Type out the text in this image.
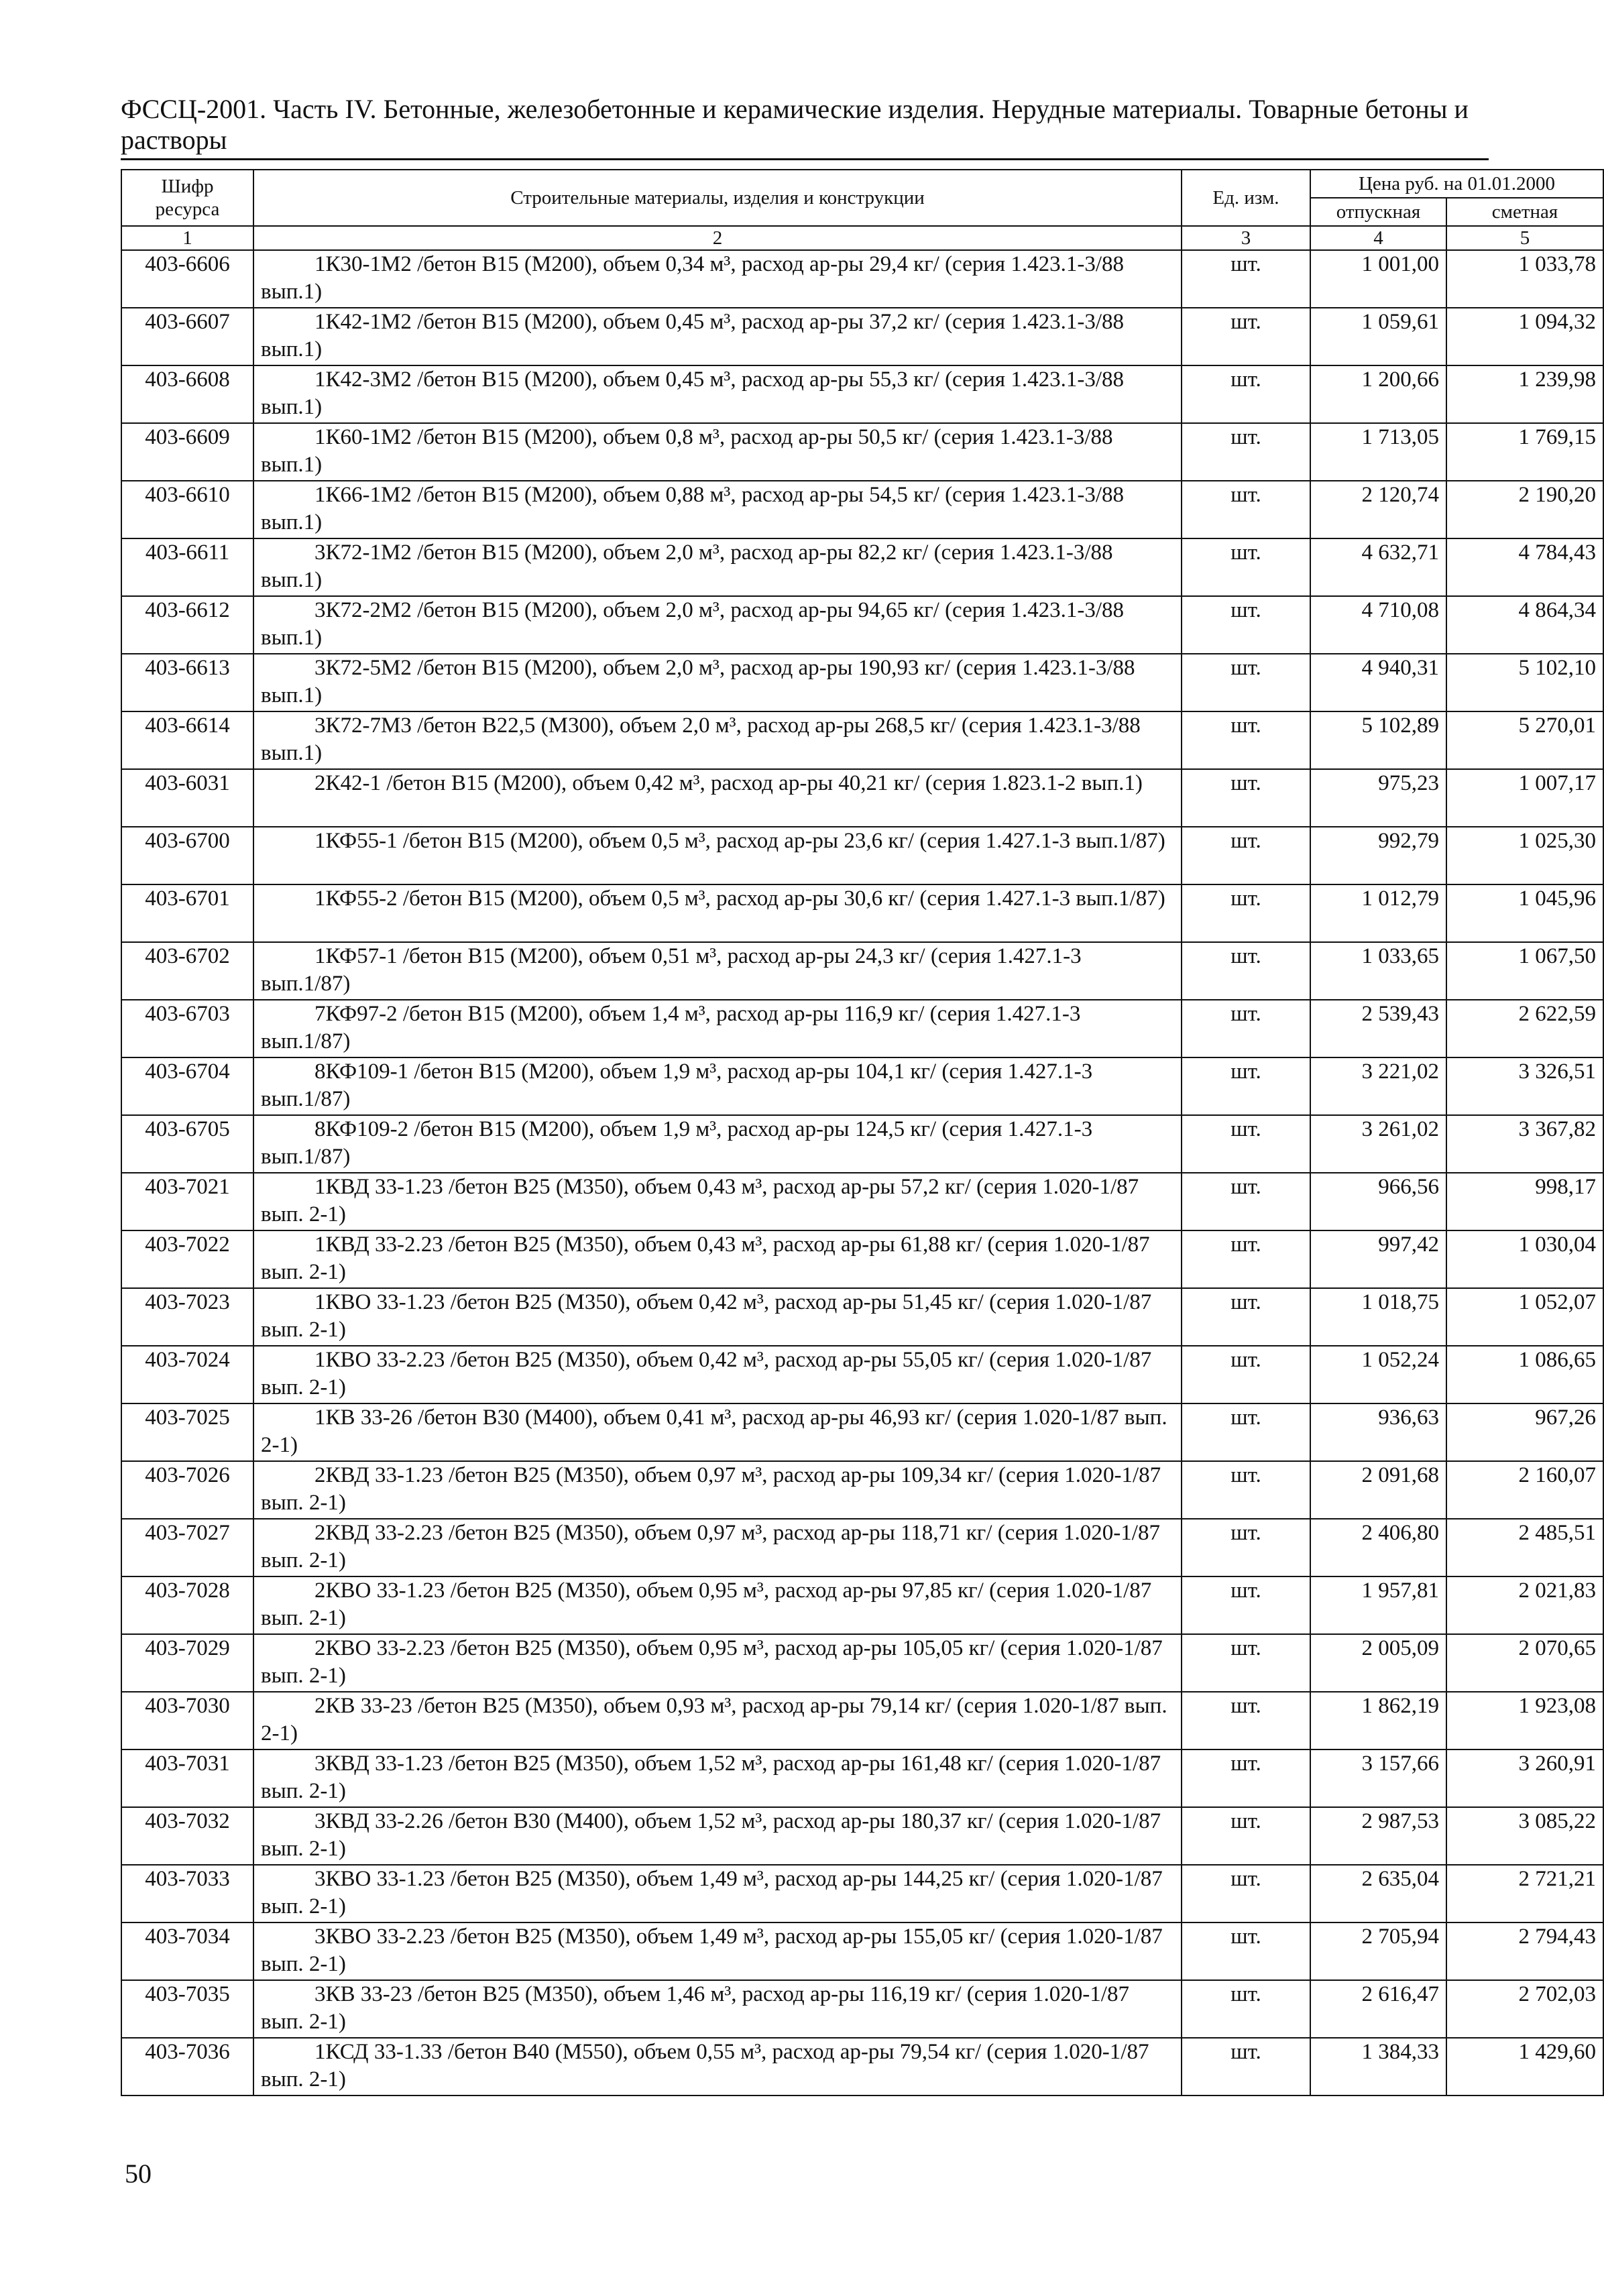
ФССЦ-2001. Часть IV. Бетонные, железобетонные и керамические изделия. Нерудные материалы. Товарные бетоны и растворы
Шифр ресурса	Строительные материалы, изделия и конструкции	Ед. изм.	Цена руб. на 01.01.2000	
			отпускная	сметная
1	2	3	4	5
403-6606	1К30-1М2 /бетон В15 (М200), объем 0,34 м³, расход ар-ры 29,4 кг/ (серия 1.423.1-3/88 вып.1)	шт.	1 001,00	1 033,78
403-6607	1К42-1М2 /бетон В15 (М200), объем 0,45 м³, расход ар-ры 37,2 кг/ (серия 1.423.1-3/88 вып.1)	шт.	1 059,61	1 094,32
403-6608	1К42-3М2 /бетон В15 (М200), объем 0,45 м³, расход ар-ры 55,3 кг/ (серия 1.423.1-3/88 вып.1)	шт.	1 200,66	1 239,98
403-6609	1К60-1М2 /бетон В15 (М200), объем 0,8 м³, расход ар-ры 50,5 кг/ (серия 1.423.1-3/88 вып.1)	шт.	1 713,05	1 769,15
403-6610	1К66-1М2 /бетон В15 (М200), объем 0,88 м³, расход ар-ры 54,5 кг/ (серия 1.423.1-3/88 вып.1)	шт.	2 120,74	2 190,20
403-6611	3К72-1М2 /бетон В15 (М200), объем 2,0 м³, расход ар-ры 82,2 кг/ (серия 1.423.1-3/88 вып.1)	шт.	4 632,71	4 784,43
403-6612	3К72-2М2 /бетон В15 (М200), объем 2,0 м³, расход ар-ры 94,65 кг/ (серия 1.423.1-3/88 вып.1)	шт.	4 710,08	4 864,34
403-6613	3К72-5М2 /бетон В15 (М200), объем 2,0 м³, расход ар-ры 190,93 кг/ (серия 1.423.1-3/88 вып.1)	шт.	4 940,31	5 102,10
403-6614	3К72-7М3 /бетон В22,5 (М300), объем 2,0 м³, расход ар-ры 268,5 кг/ (серия 1.423.1-3/88 вып.1)	шт.	5 102,89	5 270,01
403-6031	2К42-1 /бетон В15 (М200), объем 0,42 м³, расход ар-ры 40,21 кг/ (серия 1.823.1-2 вып.1)	шт.	975,23	1 007,17
403-6700	1КФ55-1 /бетон В15 (М200), объем 0,5 м³, расход ар-ры 23,6 кг/ (серия 1.427.1-3 вып.1/87)	шт.	992,79	1 025,30
403-6701	1КФ55-2 /бетон В15 (М200), объем 0,5 м³, расход ар-ры 30,6 кг/ (серия 1.427.1-3 вып.1/87)	шт.	1 012,79	1 045,96
403-6702	1КФ57-1 /бетон В15 (М200), объем 0,51 м³, расход ар-ры 24,3 кг/ (серия 1.427.1-3 вып.1/87)	шт.	1 033,65	1 067,50
403-6703	7КФ97-2 /бетон В15 (М200), объем 1,4 м³, расход ар-ры 116,9 кг/ (серия 1.427.1-3 вып.1/87)	шт.	2 539,43	2 622,59
403-6704	8КФ109-1 /бетон В15 (М200), объем 1,9 м³, расход ар-ры 104,1 кг/ (серия 1.427.1-3 вып.1/87)	шт.	3 221,02	3 326,51
403-6705	8КФ109-2 /бетон В15 (М200), объем 1,9 м³, расход ар-ры 124,5 кг/ (серия 1.427.1-3 вып.1/87)	шт.	3 261,02	3 367,82
403-7021	1КВД 33-1.23 /бетон В25 (М350), объем 0,43 м³, расход ар-ры 57,2 кг/ (серия 1.020-1/87 вып. 2-1)	шт.	966,56	998,17
403-7022	1КВД 33-2.23 /бетон В25 (М350), объем 0,43 м³, расход ар-ры 61,88 кг/ (серия 1.020-1/87 вып. 2-1)	шт.	997,42	1 030,04
403-7023	1КВО 33-1.23 /бетон В25 (М350), объем 0,42 м³, расход ар-ры 51,45 кг/ (серия 1.020-1/87 вып. 2-1)	шт.	1 018,75	1 052,07
403-7024	1КВО 33-2.23 /бетон В25 (М350), объем 0,42 м³, расход ар-ры 55,05 кг/ (серия 1.020-1/87 вып. 2-1)	шт.	1 052,24	1 086,65
403-7025	1КВ 33-26 /бетон В30 (М400), объем 0,41 м³, расход ар-ры 46,93 кг/ (серия 1.020-1/87 вып. 2-1)	шт.	936,63	967,26
403-7026	2КВД 33-1.23 /бетон В25 (М350), объем 0,97 м³, расход ар-ры 109,34 кг/ (серия 1.020-1/87 вып. 2-1)	шт.	2 091,68	2 160,07
403-7027	2КВД 33-2.23 /бетон В25 (М350), объем 0,97 м³, расход ар-ры 118,71 кг/ (серия 1.020-1/87 вып. 2-1)	шт.	2 406,80	2 485,51
403-7028	2КВО 33-1.23 /бетон В25 (М350), объем 0,95 м³, расход ар-ры 97,85 кг/ (серия 1.020-1/87 вып. 2-1)	шт.	1 957,81	2 021,83
403-7029	2КВО 33-2.23 /бетон В25 (М350), объем 0,95 м³, расход ар-ры 105,05 кг/ (серия 1.020-1/87 вып. 2-1)	шт.	2 005,09	2 070,65
403-7030	2КВ 33-23 /бетон В25 (М350), объем 0,93 м³, расход ар-ры 79,14 кг/ (серия 1.020-1/87 вып. 2-1)	шт.	1 862,19	1 923,08
403-7031	3КВД 33-1.23 /бетон В25 (М350), объем 1,52 м³, расход ар-ры 161,48 кг/ (серия 1.020-1/87 вып. 2-1)	шт.	3 157,66	3 260,91
403-7032	3КВД 33-2.26 /бетон В30 (М400), объем 1,52 м³, расход ар-ры 180,37 кг/ (серия 1.020-1/87 вып. 2-1)	шт.	2 987,53	3 085,22
403-7033	3КВО 33-1.23 /бетон В25 (М350), объем 1,49 м³, расход ар-ры 144,25 кг/ (серия 1.020-1/87 вып. 2-1)	шт.	2 635,04	2 721,21
403-7034	3КВО 33-2.23 /бетон В25 (М350), объем 1,49 м³, расход ар-ры 155,05 кг/ (серия 1.020-1/87 вып. 2-1)	шт.	2 705,94	2 794,43
403-7035	3КВ 33-23 /бетон В25 (М350), объем 1,46 м³, расход ар-ры 116,19 кг/ (серия 1.020-1/87 вып. 2-1)	шт.	2 616,47	2 702,03
403-7036	1КСД 33-1.33 /бетон В40 (М550), объем 0,55 м³, расход ар-ры 79,54 кг/ (серия 1.020-1/87 вып. 2-1)	шт.	1 384,33	1 429,60
50
